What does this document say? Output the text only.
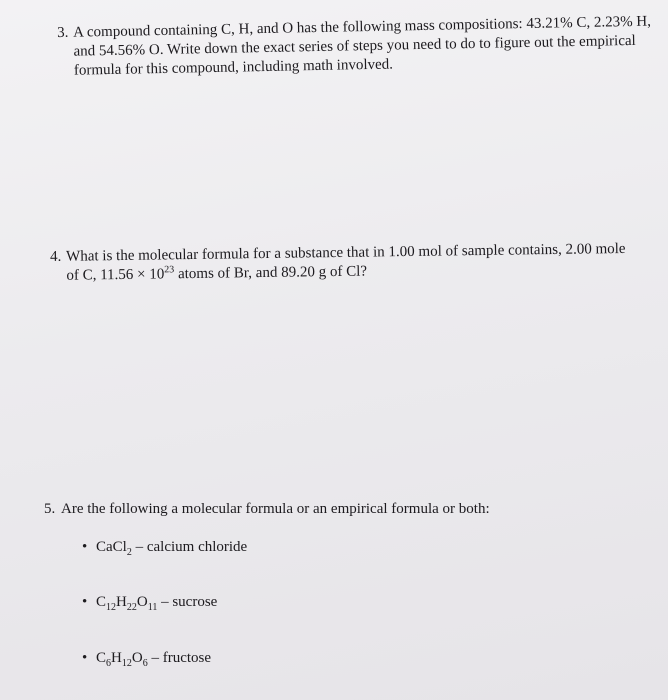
3. A compound containing C, H, and O has the following mass compositions: 43.21% C, 2.23% H,
and 54.56% O. Write down the exact series of steps you need to do to figure out the empirical
formula for this compound, including math involved.
4. What is the molecular formula for a substance that in 1.00 mol of sample contains, 2.00 mole
of C, $11.56 \times 10^{23}$ atoms of Br, and 89.20 g of Cl?
5. Are the following a molecular formula or an empirical formula or both:
• CaCl$_2$ – calcium chloride
• $C_{12}H_{22}O_{11}$ – sucrose
• $C_6H_{12}O_6$ – fructose
